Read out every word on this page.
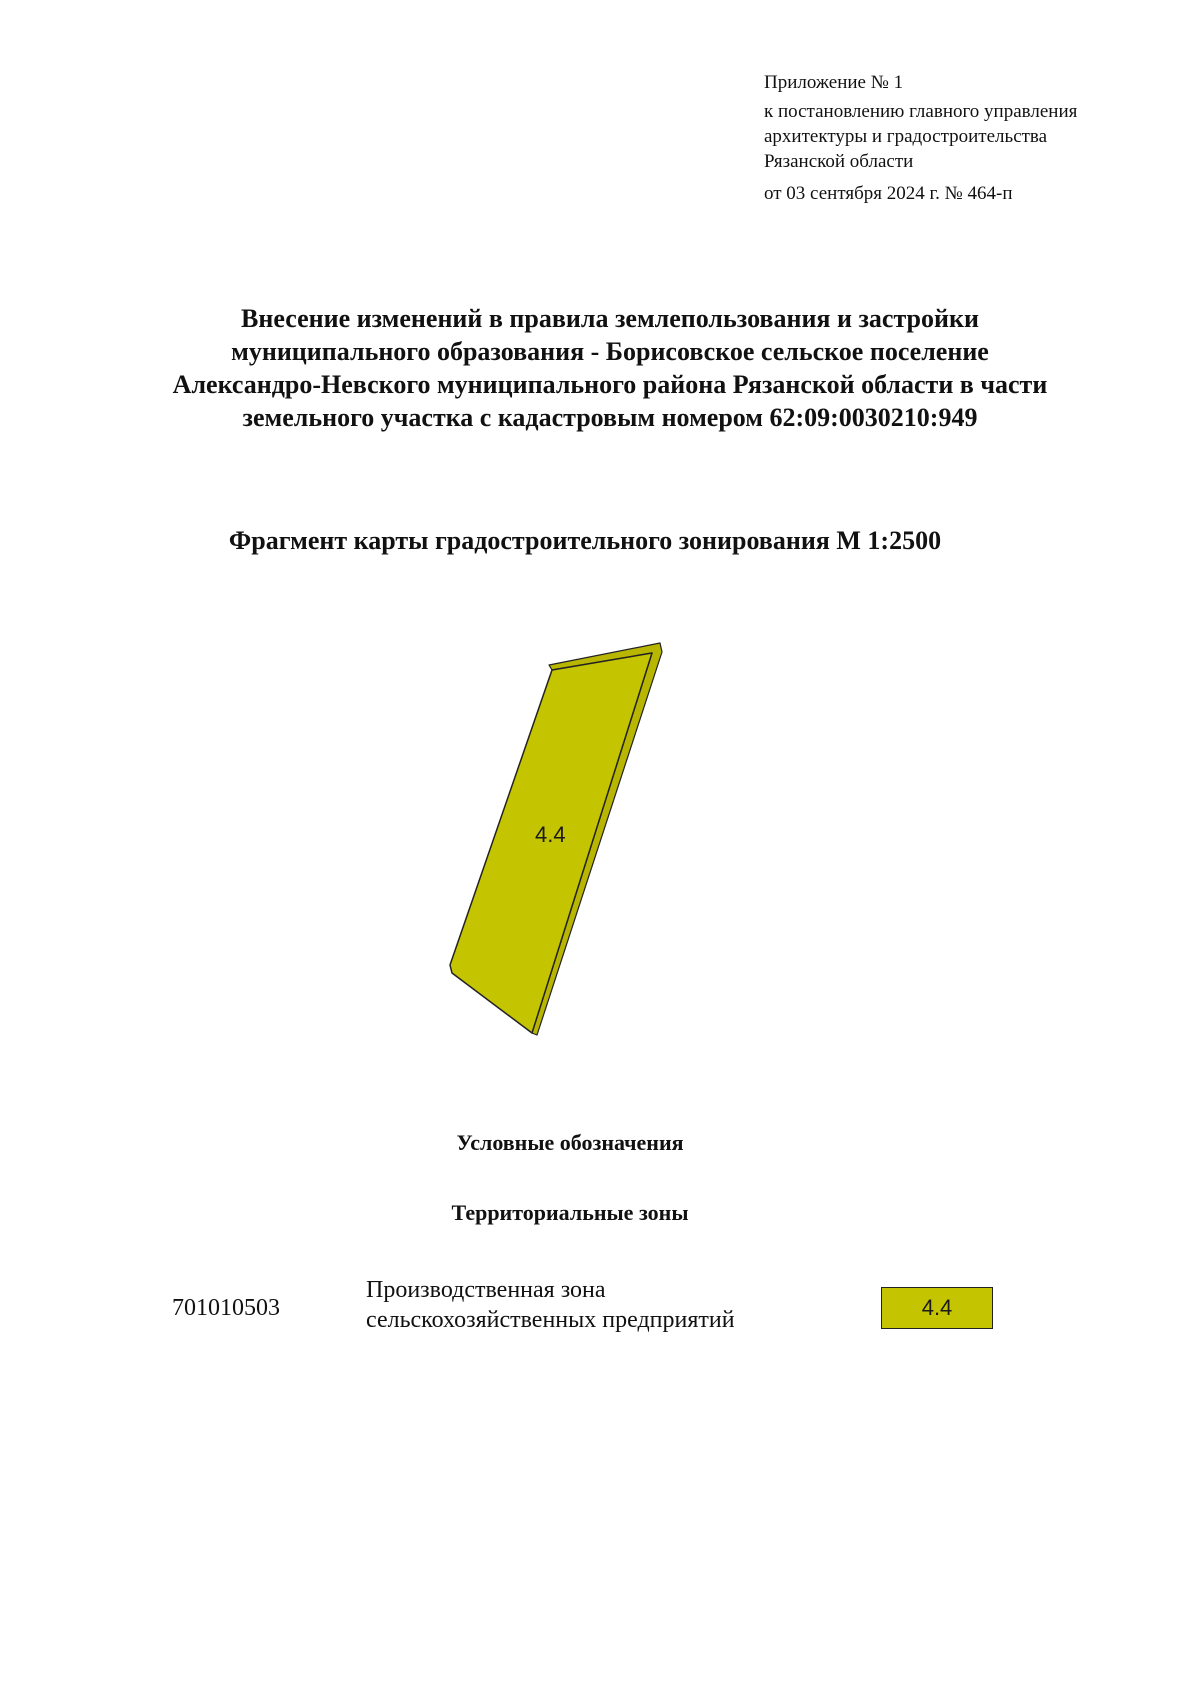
Приложение № 1
к постановлению главного управления
архитектуры и градостроительства
Рязанской области
от 03 сентября 2024 г. № 464-п
Внесение изменений в правила землепользования и застройки
муниципального образования - Борисовское сельское поселение
Александро-Невского муниципального района Рязанской области в части
земельного участка с кадастровым номером 62:09:0030210:949
Фрагмент карты градостроительного зонирования М 1:2500
4.4
Условные обозначения
Территориальные зоны
701010503
Производственная зона
сельскохозяйственных предприятий	4.4
